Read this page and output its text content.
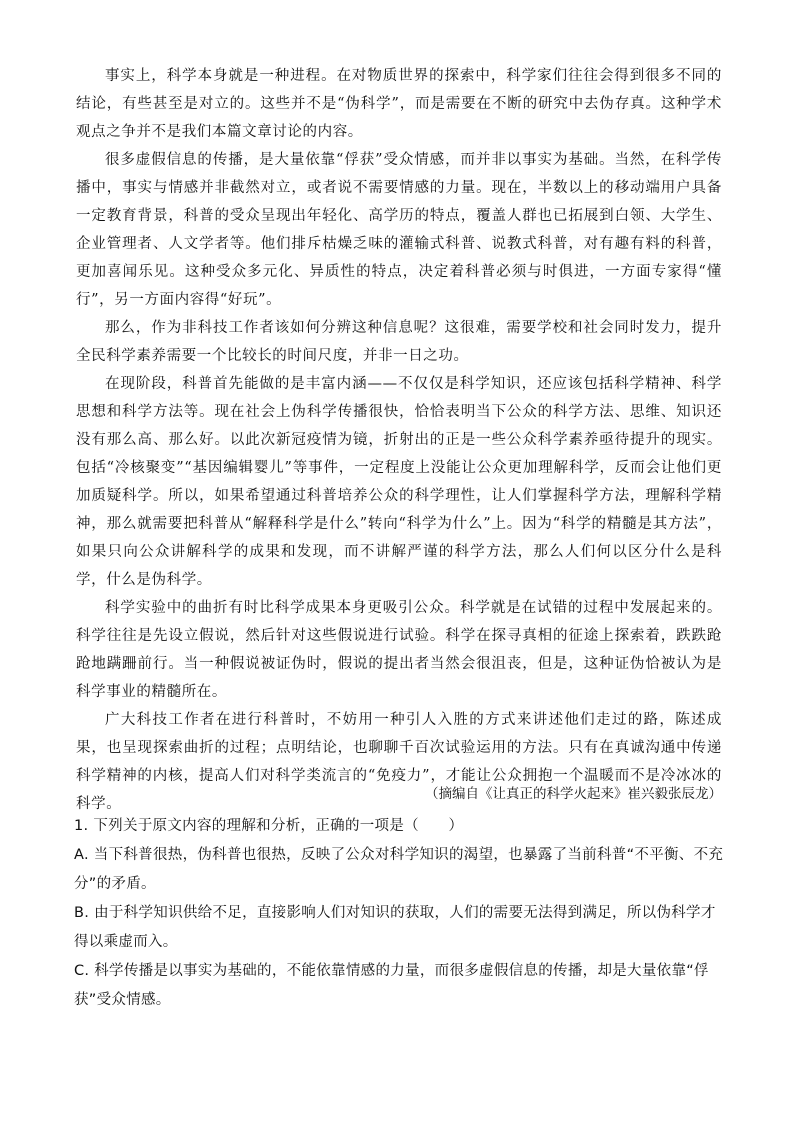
事实上，科学本身就是一种进程。在对物质世界的探索中，科学家们往往会得到很多不同的结论，有些甚至是对立的。这些并不是“伪科学”，而是需要在不断的研究中去伪存真。这种学术观点之争并不是我们本篇文章讨论的内容。

很多虚假信息的传播，是大量依靠“俘获”受众情感，而并非以事实为基础。当然，在科学传播中，事实与情感并非截然对立，或者说不需要情感的力量。现在，半数以上的移动端用户具备一定教育背景，科普的受众呈现出年轻化、高学历的特点，覆盖人群也已拓展到白领、大学生、企业管理者、人文学者等。他们排斥枯燥乏味的灌输式科普、说教式科普，对有趣有料的科普，更加喜闻乐见。这种受众多元化、异质性的特点，决定着科普必须与时俱进，一方面专家得“懂行”，另一方面内容得“好玩”。

那么，作为非科技工作者该如何分辨这种信息呢？这很难，需要学校和社会同时发力，提升全民科学素养需要一个比较长的时间尺度，并非一日之功。

在现阶段，科普首先能做的是丰富内涵——不仅仅是科学知识，还应该包括科学精神、科学思想和科学方法等。现在社会上伪科学传播很快，恰恰表明当下公众的科学方法、思维、知识还没有那么高、那么好。以此次新冠疫情为镜，折射出的正是一些公众科学素养亟待提升的现实。包括“冷核聚变”“基因编辑婴儿”等事件，一定程度上没能让公众更加理解科学，反而会让他们更加质疑科学。所以，如果希望通过科普培养公众的科学理性，让人们掌握科学方法，理解科学精神，那么就需要把科普从“解释科学是什么”转向“科学为什么”上。因为“科学的精髓是其方法”，如果只向公众讲解科学的成果和发现，而不讲解严谨的科学方法，那么人们何以区分什么是科学，什么是伪科学。

科学实验中的曲折有时比科学成果本身更吸引公众。科学就是在试错的过程中发展起来的。科学往往是先设立假说，然后针对这些假说进行试验。科学在探寻真相的征途上探索着，跌跌跄跄地蹒跚前行。当一种假说被证伪时，假说的提出者当然会很沮丧，但是，这种证伪恰被认为是科学事业的精髓所在。

广大科技工作者在进行科普时，不妨用一种引人入胜的方式来讲述他们走过的路，陈述成果，也呈现探索曲折的过程；点明结论，也聊聊千百次试验运用的方法。只有在真诚沟通中传递科学精神的内核，提高人们对科学类流言的“免疫力”，才能让公众拥抱一个温暖而不是冷冰冰的科学。

（摘编自《让真正的科学火起来》崔兴毅张辰龙）

1. 下列关于原文内容的理解和分析，正确的一项是（　　）

A. 当下科普很热，伪科普也很热，反映了公众对科学知识的渴望，也暴露了当前科普“不平衡、不充分”的矛盾。

B. 由于科学知识供给不足，直接影响人们对知识的获取，人们的需要无法得到满足，所以伪科学才得以乘虚而入。

C. 科学传播是以事实为基础的，不能依靠情感的力量，而很多虚假信息的传播，却是大量依靠“俘获”受众情感。
